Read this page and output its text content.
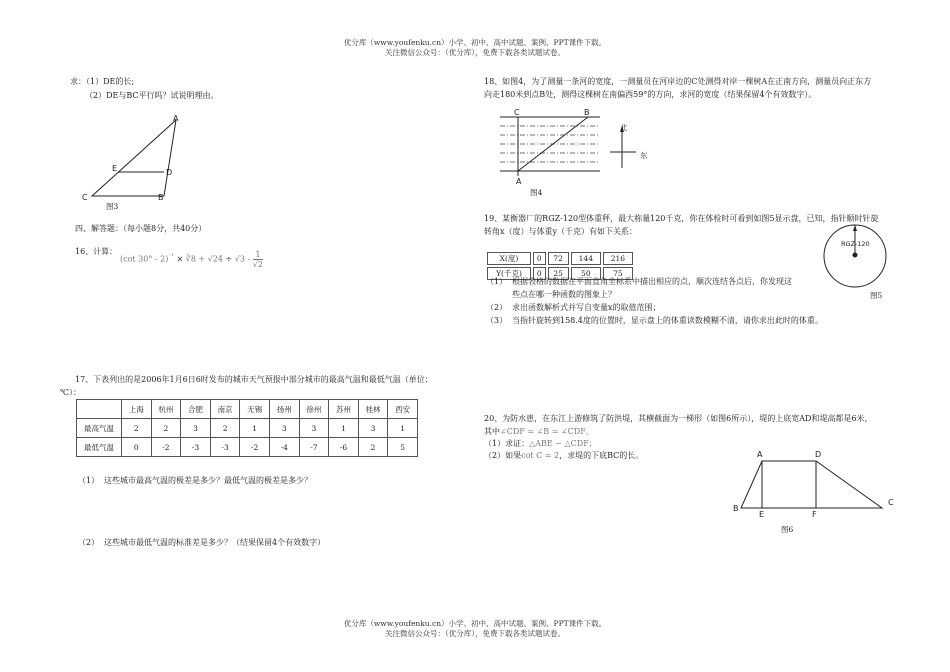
优分库（www.youfenku.cn）小学、初中、高中试题、案例、PPT课件下载。
关注微信公众号：（优分库），免费下载各类试题试卷。
求：（1）DE的长;
（2）DE与BC平行吗？试说明理由。
A
E	D
C	B
图3
四、解答题：（每小题8分，共40分）
16、计算：
(cot 30° - 2)$^{^{-1}}$ × ∛8 + $√24 \div √3 - \frac{1}{√2}$
17、下表列出的是2006年1月6日6时发布的城市天气预报中部分城市的最高气温和最低气温（单位：
℃）：
	上海	杭州	合肥	南京	无锡	扬州	徐州	苏州	桂林	西安
最高气温	2	2	3	2	1	3	3	1	3	1
最低气温	0	-2	-3	-3	-2	-4	-7	-6	2	5
（1） 这些城市最高气温的极差是多少？最低气温的极差是多少？
（2） 这些城市最低气温的标准差是多少？（结果保留4个有效数字）
18、如图4，为了测量一条河的宽度，一测量员在河岸边的C处测得对岸一棵树A在正南方向，测量员向正东方
向走180米到点B处，测得这棵树在南偏西59°的方向，求河的宽度（结果保留4个有效数字）。
C	B
A
北
东
图4
19、某衡器厂的RGZ-120型体重秤，最大称量120千克，你在体检时可看到如图5显示盘，已知，指针顺时针旋
转角x（度）与体重y（千克）有如下关系：
X(度)	0	72	144	216
Y(千克)	0	25	50	75
RGZ-120
图5
（1） 根据表格的数据在平面直角坐标系中描出相应的点，顺次连结各点后，你发现这
些点在哪一种函数的图象上？
（2） 求出函数解析式并写自变量x的取值范围；
（3） 当指针旋转到158.4度的位置时，显示盘上的体重读数模糊不清，请你求出此时的体重。
20、为防水患，在东江上游修筑了防洪堤，其横截面为一梯形（如图6所示），堤的上底宽AD和堤高都是6米，
其中∠CDF = ∠B = ∠CDF，
（1）求证：△ABE ∽ △CDF；
（2）如果cot C = 2，求堤的下底BC的长。	A	D
B
E	F
C
图6
优分库（www.youfenku.cn）小学、初中、高中试题、案例、PPT课件下载。
关注微信公众号：（优分库），免费下载各类试题试卷。
